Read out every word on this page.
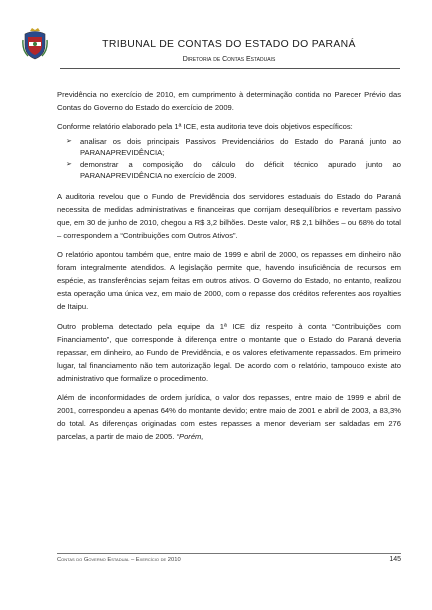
TRIBUNAL DE CONTAS DO ESTADO DO PARANÁ
Diretoria de Contas Estaduais

Previdência no exercício de 2010, em cumprimento à determinação contida no Parecer Prévio das Contas do Governo do Estado do exercício de 2009.

Conforme relatório elaborado pela 1ª ICE, esta auditoria teve dois objetivos específicos:

➢ analisar os dois principais Passivos Previdenciários do Estado do Paraná junto ao PARANAPREVIDÊNCIA;
➢ demonstrar a composição do cálculo do déficit técnico apurado junto ao PARANAPREVIDÊNCIA no exercício de 2009.

A auditoria revelou que o Fundo de Previdência dos servidores estaduais do Estado do Paraná necessita de medidas administrativas e financeiras que corrijam desequilíbrios e revertam passivo que, em 30 de junho de 2010, chegou a R$ 3,2 bilhões. Deste valor, R$ 2,1 bilhões – ou 68% do total – correspondem a “Contribuições com Outros Ativos”.

O relatório apontou também que, entre maio de 1999 e abril de 2000, os repasses em dinheiro não foram integralmente atendidos. A legislação permite que, havendo insuficiência de recursos em espécie, as transferências sejam feitas em outros ativos. O Governo do Estado, no entanto, realizou esta operação uma única vez, em maio de 2000, com o repasse dos créditos referentes aos royalties de Itaipu.

Outro problema detectado pela equipe da 1ª ICE diz respeito à conta “Contribuições com Financiamento”, que corresponde à diferença entre o montante que o Estado do Paraná deveria repassar, em dinheiro, ao Fundo de Previdência, e os valores efetivamente repassados. Em primeiro lugar, tal financiamento não tem autorização legal. De acordo com o relatório, tampouco existe ato administrativo que formalize o procedimento.

Além de inconformidades de ordem jurídica, o valor dos repasses, entre maio de 1999 e abril de 2001, correspondeu a apenas 64% do montante devido; entre maio de 2001 e abril de 2003, a 83,3% do total. As diferenças originadas com estes repasses a menor deveriam ser saldadas em 276 parcelas, a partir de maio de 2005. “Porém,

Contas do Governo Estadual – Exercício de 2010	145
